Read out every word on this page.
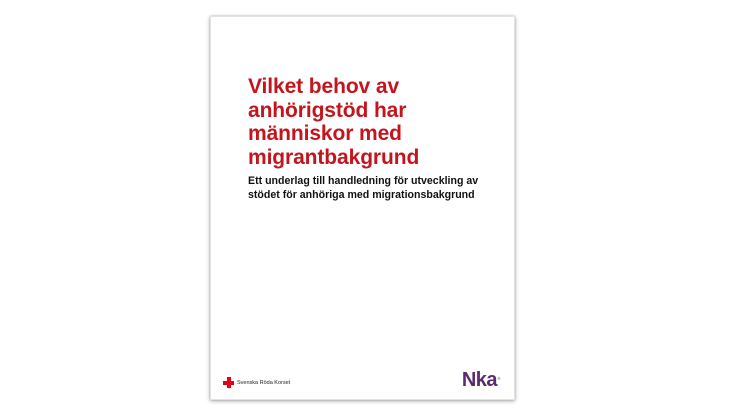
Vilket behov av anhörigstöd har människor med migrantbakgrund

Ett underlag till handledning för utveckling av stödet för anhöriga med migrationsbakgrund

Svenska Röda Korset	Nka ®
